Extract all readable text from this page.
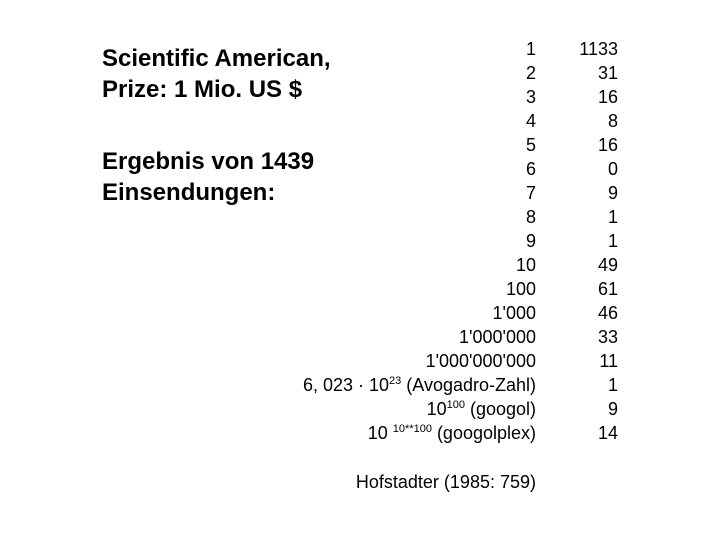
Scientific American,
Prize: 1 Mio. US $
Ergebnis von 1439
Einsendungen:
1
2
3
4
5
6
7
8
9
10
100
1'000
1'000'000
1'000'000'000
6, $023 \cdot 10^{23}$ (Avogadro-Zahl)
$10^{100}$ (googol)
10 $^{10**100}$ (googolplex)
1133
31
16
8
16
0
9
1
1
49
61
46
33
11
1
9
14
Hofstadter (1985: 759)
